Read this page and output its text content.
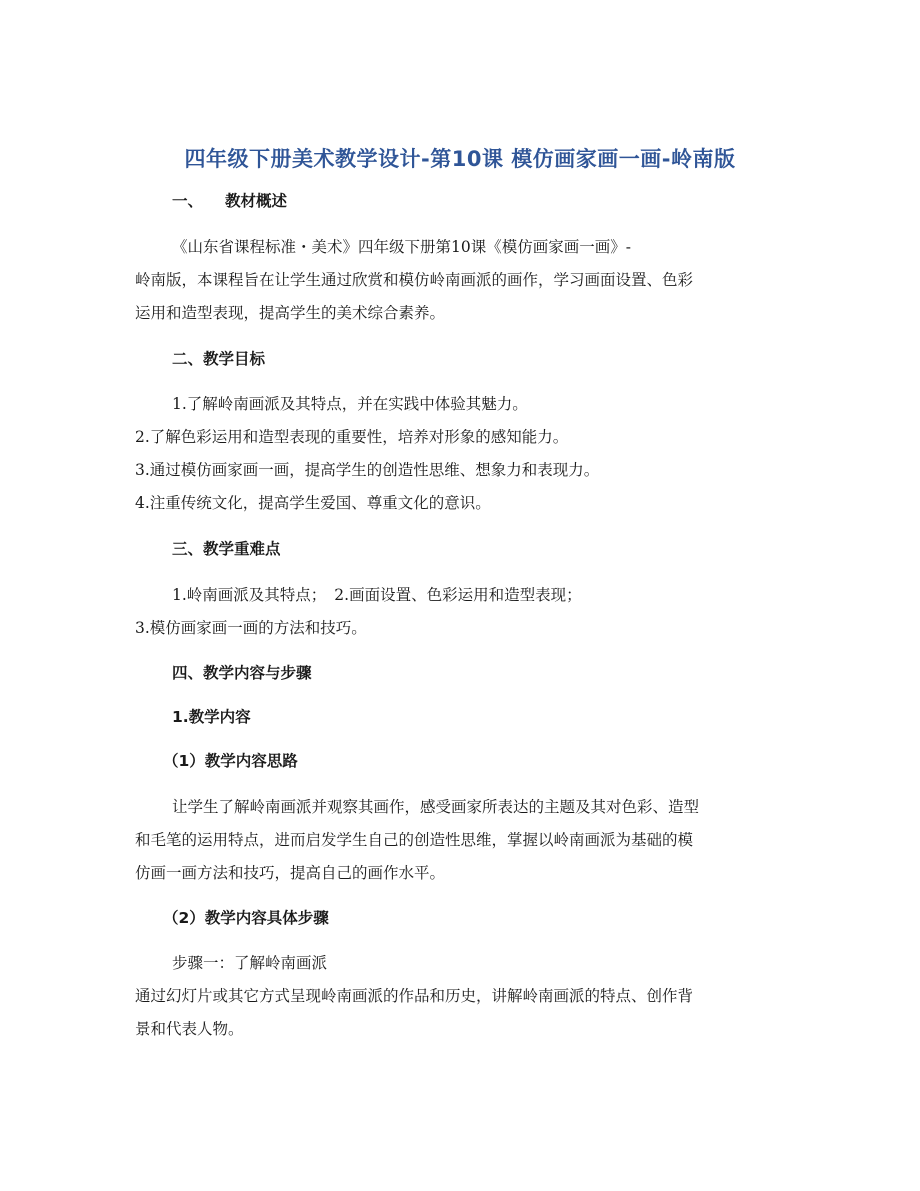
四年级下册美术教学设计-第10课 模仿画家画一画-岭南版
一、 教材概述

《山东省课程标准・美术》四年级下册第10课《模仿画家画一画》-

岭南版，本课程旨在让学生通过欣赏和模仿岭南画派的画作，学习画面设置、色彩

运用和造型表现，提高学生的美术综合素养。

二、教学目标

1.了解岭南画派及其特点，并在实践中体验其魅力。

2.了解色彩运用和造型表现的重要性，培养对形象的感知能力。

3.通过模仿画家画一画，提高学生的创造性思维、想象力和表现力。

4.注重传统文化，提高学生爱国、尊重文化的意识。

三、教学重难点

1.岭南画派及其特点； 2.画面设置、色彩运用和造型表现；

3.模仿画家画一画的方法和技巧。

四、教学内容与步骤

1.教学内容

（1）教学内容思路

让学生了解岭南画派并观察其画作，感受画家所表达的主题及其对色彩、造型

和毛笔的运用特点，进而启发学生自己的创造性思维，掌握以岭南画派为基础的模

仿画一画方法和技巧，提高自己的画作水平。

（2）教学内容具体步骤

步骤一：了解岭南画派

通过幻灯片或其它方式呈现岭南画派的作品和历史，讲解岭南画派的特点、创作背

景和代表人物。
